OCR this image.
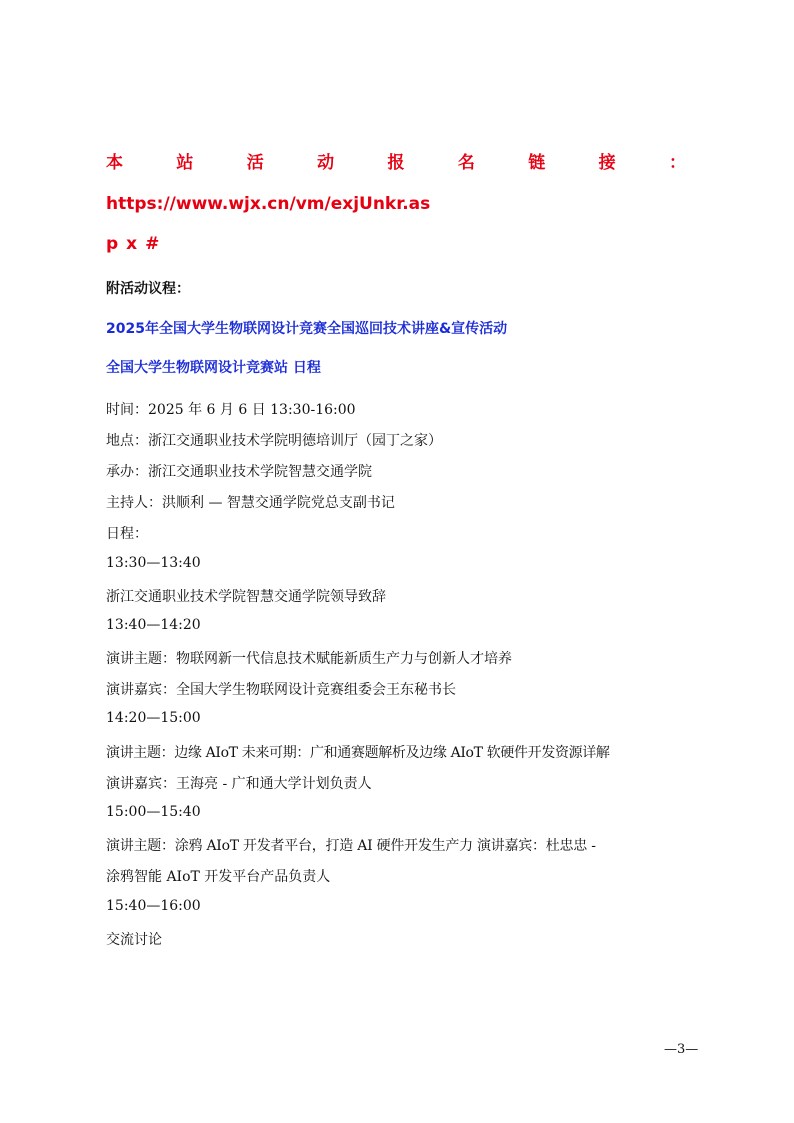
本站活动报名链接：
https://www.wjx.cn/vm/exjUnkr.as
px#
附活动议程：
2025年全国大学生物联网设计竞赛全国巡回技术讲座&宣传活动
全国大学生物联网设计竞赛站 日程
时间：2025 年 6 月 6 日 13:30-16:00
地点：浙江交通职业技术学院明德培训厅（园丁之家）
承办：浙江交通职业技术学院智慧交通学院
主持人：洪顺利 — 智慧交通学院党总支副书记
日程：
13:30—13:40
浙江交通职业技术学院智慧交通学院领导致辞
13:40—14:20
演讲主题：物联网新一代信息技术赋能新质生产力与创新人才培养
演讲嘉宾：全国大学生物联网设计竞赛组委会王东秘书长
14:20—15:00
演讲主题：边缘 AIoT 未来可期：广和通赛题解析及边缘 AIoT 软硬件开发资源详解
演讲嘉宾：王海亮 - 广和通大学计划负责人
15:00—15:40
演讲主题：涂鸦 AIoT 开发者平台，打造 AI 硬件开发生产力 演讲嘉宾：杜忠忠 -
涂鸦智能 AIoT 开发平台产品负责人
15:40—16:00
交流讨论
—3—
